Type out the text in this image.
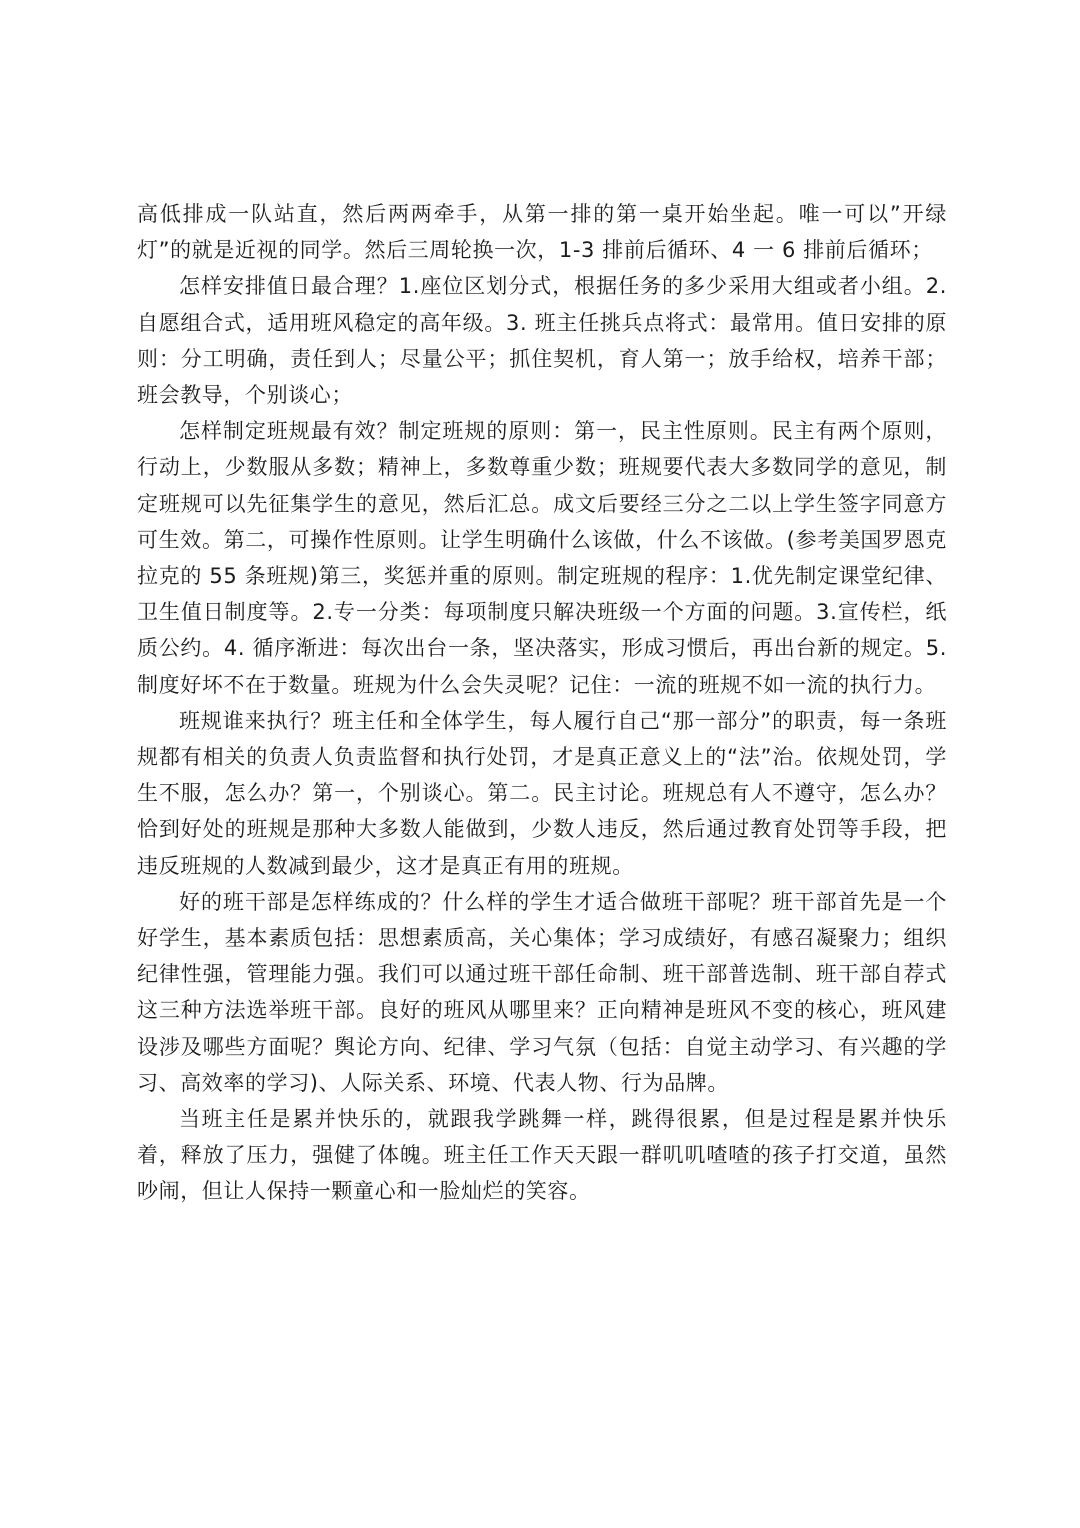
高低排成一队站直，然后两两牵手，从第一排的第一桌开始坐起。唯一可以”开绿灯”的就是近视的同学。然后三周轮换一次，1-3 排前后循环、4 一 6 排前后循环；

怎样安排值日最合理？1.座位区划分式，根据任务的多少采用大组或者小组。2. 自愿组合式，适用班风稳定的高年级。3. 班主任挑兵点将式：最常用。值日安排的原则：分工明确，责任到人；尽量公平；抓住契机，育人第一；放手给权，培养干部；班会教导，个别谈心；

怎样制定班规最有效？制定班规的原则：第一，民主性原则。民主有两个原则，行动上，少数服从多数；精神上，多数尊重少数；班规要代表大多数同学的意见，制定班规可以先征集学生的意见，然后汇总。成文后要经三分之二以上学生签字同意方可生效。第二，可操作性原则。让学生明确什么该做，什么不该做。(参考美国罗恩克拉克的 55 条班规)第三，奖惩并重的原则。制定班规的程序：1.优先制定课堂纪律、卫生值日制度等。2.专一分类：每项制度只解决班级一个方面的问题。3.宣传栏，纸质公约。4. 循序渐进：每次出台一条，坚决落实，形成习惯后，再出台新的规定。5.制度好坏不在于数量。班规为什么会失灵呢？记住：一流的班规不如一流的执行力。

班规谁来执行？班主任和全体学生，每人履行自己“那一部分”的职责，每一条班规都有相关的负责人负责监督和执行处罚，才是真正意义上的“法”治。依规处罚，学生不服，怎么办？第一，个别谈心。第二。民主讨论。班规总有人不遵守，怎么办？恰到好处的班规是那种大多数人能做到，少数人违反，然后通过教育处罚等手段，把违反班规的人数减到最少，这才是真正有用的班规。

好的班干部是怎样练成的？什么样的学生才适合做班干部呢？班干部首先是一个好学生，基本素质包括：思想素质高，关心集体；学习成绩好，有感召凝聚力；组织纪律性强，管理能力强。我们可以通过班干部任命制、班干部普选制、班干部自荐式这三种方法选举班干部。良好的班风从哪里来？正向精神是班风不变的核心，班风建设涉及哪些方面呢？舆论方向、纪律、学习气氛（包括：自觉主动学习、有兴趣的学习、高效率的学习)、人际关系、环境、代表人物、行为品牌。

当班主任是累并快乐的，就跟我学跳舞一样，跳得很累，但是过程是累并快乐着，释放了压力，强健了体魄。班主任工作天天跟一群叽叽喳喳的孩子打交道，虽然吵闹，但让人保持一颗童心和一脸灿烂的笑容。
